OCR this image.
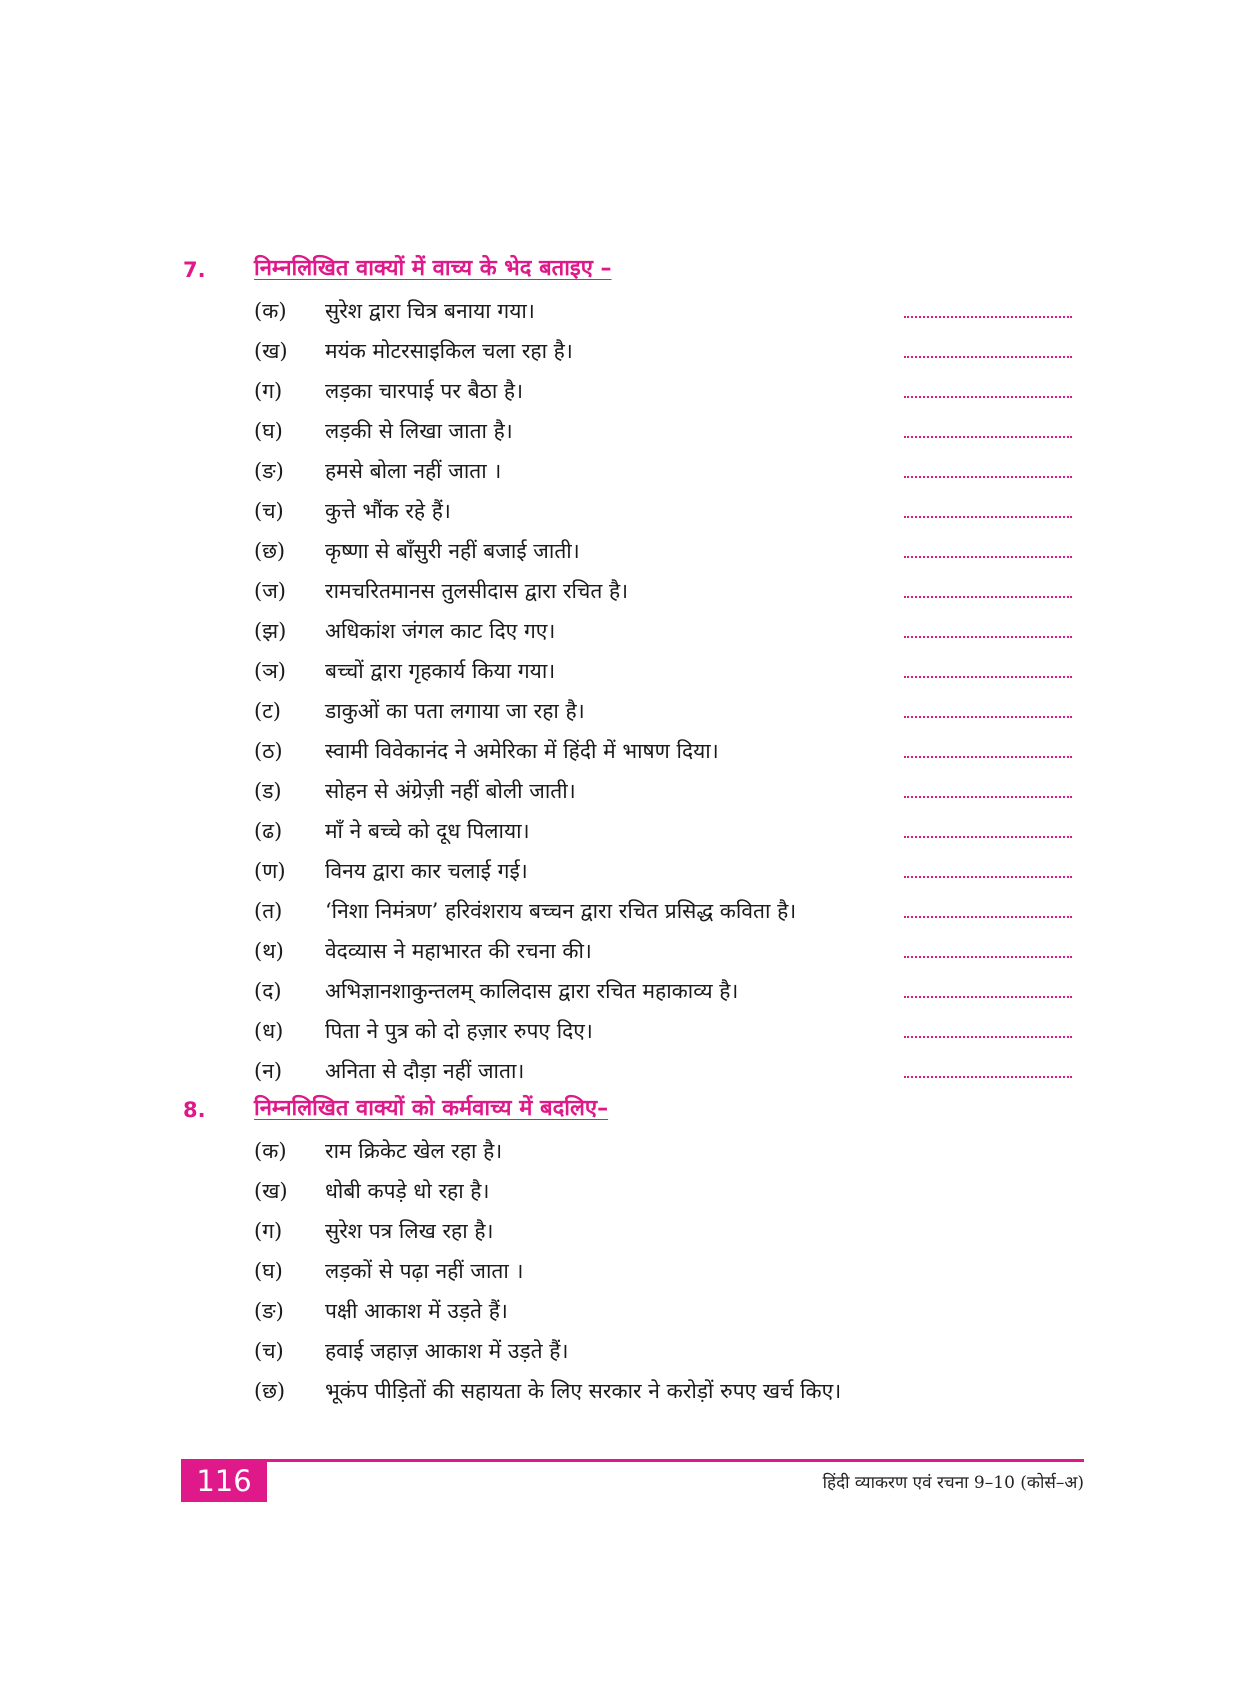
7. निम्नलिखित वाक्यों में वाच्य के भेद बताइए –
(क) सुरेश द्वारा चित्र बनाया गया।
(ख) मयंक मोटरसाइकिल चला रहा है।
(ग) लड़का चारपाई पर बैठा है।
(घ) लड़की से लिखा जाता है।
(ङ) हमसे बोला नहीं जाता ।
(च) कुत्ते भौंक रहे हैं।
(छ) कृष्णा से बाँसुरी नहीं बजाई जाती।
(ज) रामचरितमानस तुलसीदास द्वारा रचित है।
(झ) अधिकांश जंगल काट दिए गए।
(ञ) बच्चों द्वारा गृहकार्य किया गया।
(ट) डाकुओं का पता लगाया जा रहा है।
(ठ) स्वामी विवेकानंद ने अमेरिका में हिंदी में भाषण दिया।
(ड) सोहन से अंग्रेज़ी नहीं बोली जाती।
(ढ) माँ ने बच्चे को दूध पिलाया।
(ण) विनय द्वारा कार चलाई गई।
(त) ‘निशा निमंत्रण’ हरिवंशराय बच्चन द्वारा रचित प्रसिद्ध कविता है।
(थ) वेदव्यास ने महाभारत की रचना की।
(द) अभिज्ञानशाकुन्तलम् कालिदास द्वारा रचित महाकाव्य है।
(ध) पिता ने पुत्र को दो हज़ार रुपए दिए।
(न) अनिता से दौड़ा नहीं जाता।
8. निम्नलिखित वाक्यों को कर्मवाच्य में बदलिए–
(क) राम क्रिकेट खेल रहा है।
(ख) धोबी कपड़े धो रहा है।
(ग) सुरेश पत्र लिख रहा है।
(घ) लड़कों से पढ़ा नहीं जाता ।
(ङ) पक्षी आकाश में उड़ते हैं।
(च) हवाई जहाज़ आकाश में उड़ते हैं।
(छ) भूकंप पीड़ितों की सहायता के लिए सरकार ने करोड़ों रुपए खर्च किए।
116	हिंदी व्याकरण एवं रचना 9–10 (कोर्स–अ)
